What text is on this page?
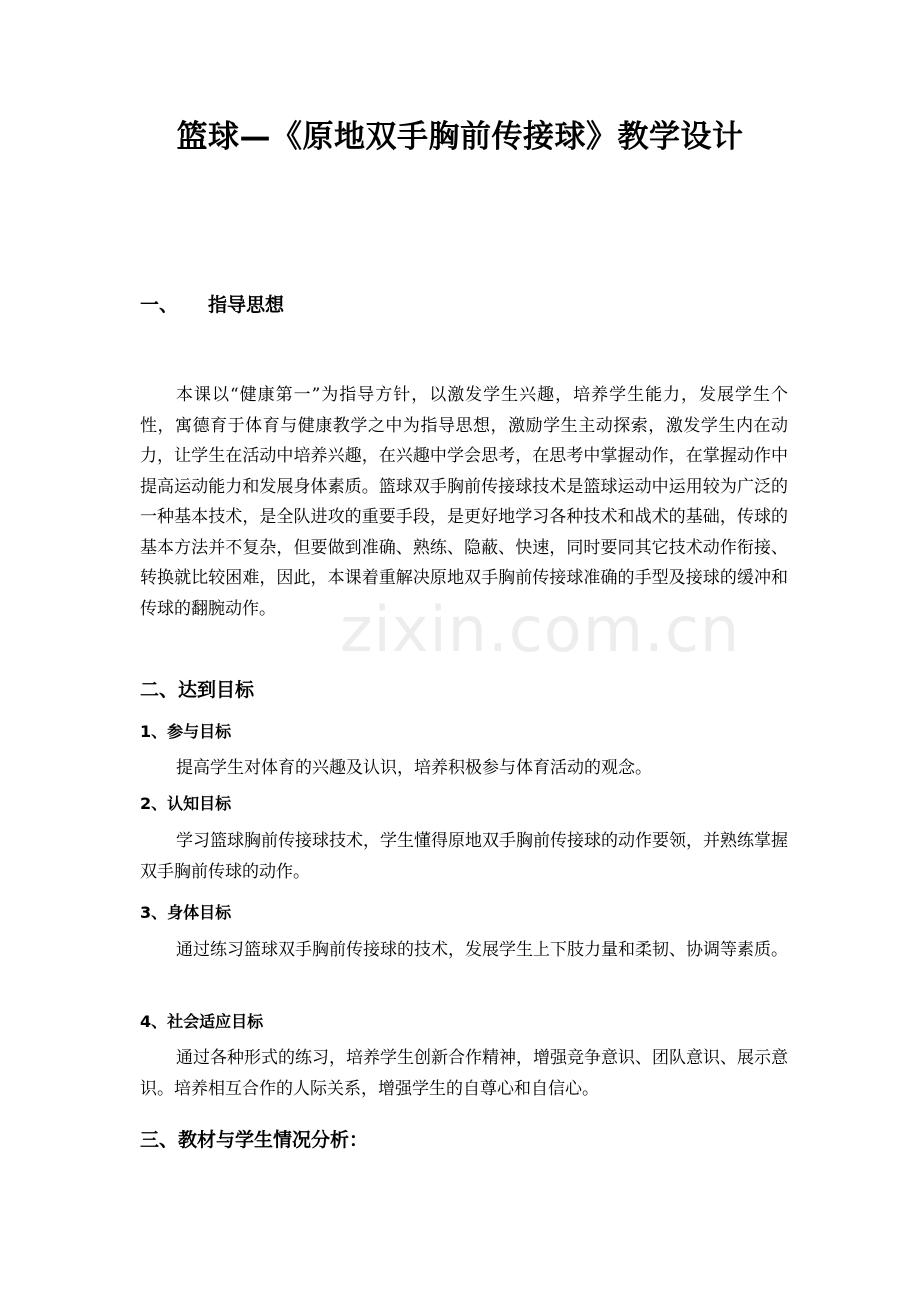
篮球—《原地双手胸前传接球》教学设计
一、 指导思想
本课以“健康第一”为指导方针，以激发学生兴趣，培养学生能力，发展学生个性，寓德育于体育与健康教学之中为指导思想，激励学生主动探索，激发学生内在动力，让学生在活动中培养兴趣，在兴趣中学会思考，在思考中掌握动作，在掌握动作中提高运动能力和发展身体素质。篮球双手胸前传接球技术是篮球运动中运用较为广泛的一种基本技术，是全队进攻的重要手段，是更好地学习各种技术和战术的基础，传球的基本方法并不复杂，但要做到准确、熟练、隐蔽、快速，同时要同其它技术动作衔接、转换就比较困难，因此，本课着重解决原地双手胸前传接球准确的手型及接球的缓冲和传球的翻腕动作。
二、达到目标
1、参与目标
提高学生对体育的兴趣及认识，培养积极参与体育活动的观念。
2、认知目标
学习篮球胸前传接球技术，学生懂得原地双手胸前传接球的动作要领，并熟练掌握双手胸前传球的动作。
3、身体目标
通过练习篮球双手胸前传接球的技术，发展学生上下肢力量和柔韧、协调等素质。
4、社会适应目标
通过各种形式的练习，培养学生创新合作精神，增强竞争意识、团队意识、展示意识。培养相互合作的人际关系，增强学生的自尊心和自信心。
三、教材与学生情况分析：
zixin.com.cn
